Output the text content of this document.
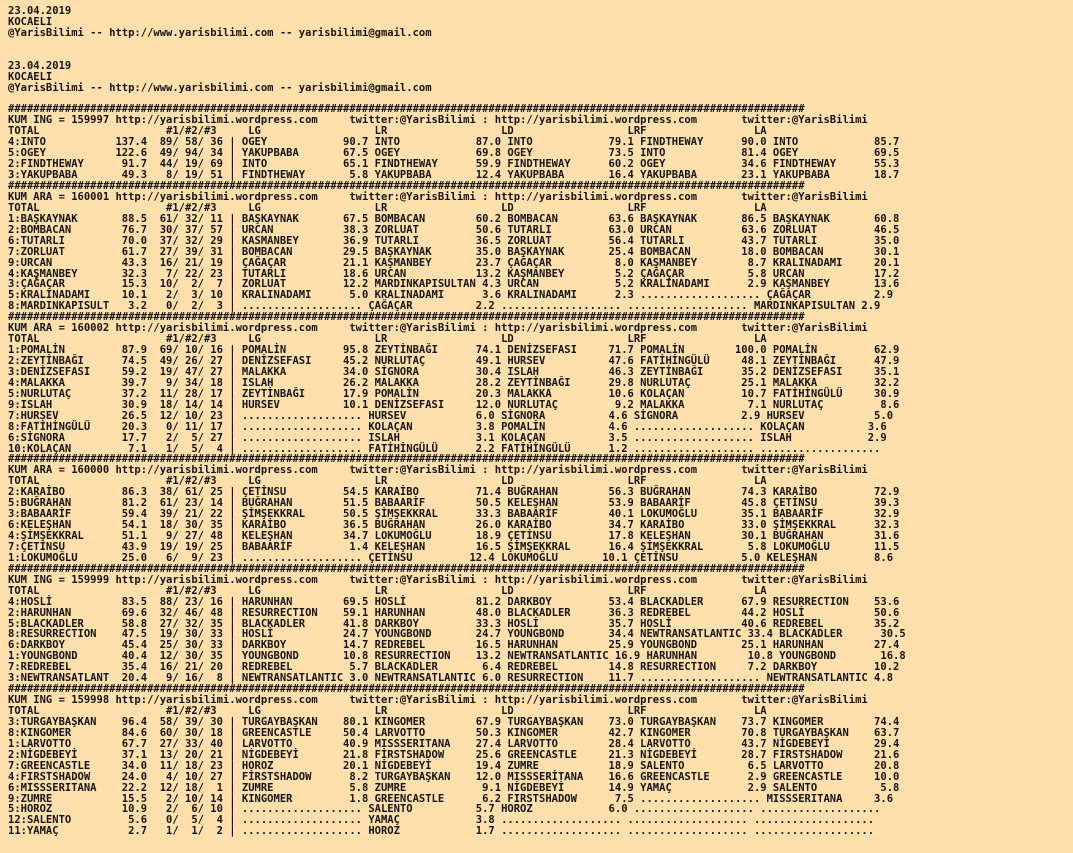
23.04.2019
KOCAELI
@YarisBilimi -- http://www.yarisbilimi.com -- yarisbilimi@gmail.com
23.04.2019
KOCAELI
@YarisBilimi -- http://www.yarisbilimi.com -- yarisbilimi@gmail.com
##############################################################################################################################
KUM ING = 159997 http://yarisbilimi.wordpress.com     twitter:@YarisBilimi : http://yarisbilimi.wordpress.com       twitter:@YarisBilimi
TOTAL                    #1/#2/#3     LG                  LR                  LD                  LRF                 LA
4:INTO           137.4  89/ 58/ 36 | OGEY            90.7 INTO            87.0 INTO            79.1 FINDTHEWAY      90.0 INTO            85.7
5:OGEY           122.6  49/ 94/ 34 | YAKUPBABA       67.5 OGEY            69.8 OGEY            73.5 INTO            81.4 OGEY            69.5
2:FINDTHEWAY      91.7  44/ 19/ 69 | INTO            65.1 FINDTHEWAY      59.9 FINDTHEWAY      60.2 OGEY            34.6 FINDTHEWAY      55.3
3:YAKUPBABA       49.3   8/ 19/ 51 | FINDTHEWAY       5.8 YAKUPBABA       12.4 YAKUPBABA       16.4 YAKUPBABA       23.1 YAKUPBABA       18.7
##############################################################################################################################
KUM ARA = 160001 http://yarisbilimi.wordpress.com     twitter:@YarisBilimi : http://yarisbilimi.wordpress.com       twitter:@YarisBilimi
TOTAL                    #1/#2/#3     LG                  LR                  LD                  LRF                 LA
1:BAŞKAYNAK       88.5  61/ 32/ 11 | BAŞKAYNAK       67.5 BOMBACAN        60.2 BOMBACAN        63.6 BAŞKAYNAK       86.5 BAŞKAYNAK       60.8
2:BOMBACAN        76.7  30/ 37/ 57 | URCAN           38.3 ZORLUAT         50.6 TUTARLI         63.0 URCAN           63.6 ZORLUAT         46.5
6:TUTARLI         70.0  37/ 32/ 29 | KASMANBEY       36.9 TUTARLI         36.5 ZORLUAT         56.4 TUTARLI         43.7 TUTARLI         35.0
7:ZORLUAT         61.7  27/ 39/ 31 | BOMBACAN        29.5 BAŞKAYNAK       35.0 BAŞKAYNAK       25.4 BOMBACAN        18.0 BOMBACAN        30.1
9:URCAN           43.3  16/ 21/ 19 | ÇAĞAÇAR         21.1 KAŞMANBEY       23.7 ÇAĞAÇAR          8.0 KAŞMANBEY        8.7 KRALINADAMI     20.1
4:KAŞMANBEY       32.3   7/ 22/ 23 | TUTARLI         18.6 URCAN           13.2 KAŞMANBEY        5.2 ÇAĞAÇAR          5.8 URCAN           17.2
3:ÇAĞAÇAR         15.3  10/  2/  7 | ZORLUAT         12.2 MARDINKAPISULTAN 4.3 URCAN            5.2 KRALINADAMI      2.9 KAŞMANBEY       13.6
5:KRALINADAMI     10.1   2/  3/ 10 | KRALINADAMI      5.0 KRALINADAMI      3.6 KRALINADAMI      2.3 ................... ÇAĞAÇAR          2.9
8:MARDINKAPISULT   3.2   0/  2/  3 | ................... ÇAĞAÇAR          2.2 ................... ................... MARDINKAPISULTAN 2.9
##############################################################################################################################
KUM ARA = 160002 http://yarisbilimi.wordpress.com     twitter:@YarisBilimi : http://yarisbilimi.wordpress.com       twitter:@YarisBilimi
TOTAL                    #1/#2/#3     LG                  LR                  LD                  LRF                 LA
1:POMALİN         87.9  69/ 10/ 16 | POMALİN         95.8 ZEYTİNBAĞI      74.1 DENİZSEFASI     71.7 POMALİN        100.0 POMALİN         62.9
2:ZEYTİNBAĞI      74.5  49/ 26/ 27 | DENİZSEFASI     45.2 NURLUTAÇ        49.1 HURSEV          47.6 FATİHİNGÜLÜ     48.1 ZEYTİNBAĞI      47.9
3:DENİZSEFASI     59.2  19/ 47/ 27 | MALAKKA         34.0 SİGNORA         30.4 ISLAH           46.3 ZEYTİNBAĞI      35.2 DENİZSEFASI     35.1
4:MALAKKA         39.7   9/ 34/ 18 | ISLAH           26.2 MALAKKA         28.2 ZEYTİNBAĞI      29.8 NURLUTAÇ        25.1 MALAKKA         32.2
5:NURLUTAÇ        37.2  11/ 28/ 17 | ZEYTİNBAĞI      17.9 POMALİN         20.3 MALAKKA         10.6 KOLAÇAN         10.7 FATİHİNGÜLÜ     30.9
9:ISLAH           30.9  18/ 14/ 14 | HURSEV          10.1 DENİZSEFASI     12.0 NURLUTAÇ         9.2 MALAKKA          7.1 NURLUTAÇ         8.6
7:HURSEV          26.5  12/ 10/ 23 | ................... HURSEV           6.0 SİGNORA          4.6 SİGNORA          2.9 HURSEV           5.0
8:FATİHİNGÜLÜ     20.3   0/ 11/ 17 | ................... KOLAÇAN          3.8 POMALİN          4.6 ................... KOLAÇAN          3.6
6:SİGNORA         17.7   2/  5/ 27 | ................... ISLAH            3.1 KOLAÇAN          3.5 ................... ISLAH            2.9
10:KOLAÇAN         7.1   1/  5/  4 | ................... FATİHİNGÜLÜ      2.2 FATİHİNGÜLÜ      1.2 ................... ...................
##############################################################################################################################
KUM ARA = 160000 http://yarisbilimi.wordpress.com     twitter:@YarisBilimi : http://yarisbilimi.wordpress.com       twitter:@YarisBilimi
TOTAL                    #1/#2/#3     LG                  LR                  LD                  LRF                 LA
2:KARAİBO         86.3  38/ 61/ 25 | ÇETİNSU         54.5 KARAİBO         71.4 BUĞRAHAN        56.3 BUĞRAHAN        74.3 KARAİBO         72.9
5:BUĞRAHAN        81.2  61/ 23/ 14 | BUĞRAHAN        51.5 BABAARİF        50.5 KELEŞHAN        53.9 BABAARİF        45.8 ÇETİNSU         39.3
3:BABAARİF        59.4  39/ 21/ 22 | ŞİMŞEKKRAL      50.5 ŞİMŞEKKRAL      33.3 BABAARİF        40.1 LOKUMOĞLU       35.1 BABAARİF        32.9
6:KELEŞHAN        54.1  18/ 30/ 35 | KARAİBO         36.5 BUĞRAHAN        26.0 KARAİBO         34.7 KARAİBO         33.0 ŞİMŞEKKRAL      32.3
4:ŞİMŞEKKRAL      51.1   9/ 27/ 48 | KELEŞHAN        34.7 LOKUMOĞLU       18.9 ÇETİNSU         17.8 KELEŞHAN        30.1 BUĞRAHAN        31.6
7:ÇETİNSU         43.9  19/ 19/ 25 | BABAARİF         1.4 KELEŞHAN        16.5 ŞİMŞEKKRAL      16.4 ŞİMŞEKKRAL       5.8 LOKUMOĞLU       11.5
1:LOKUMOĞLU       25.0   6/  9/ 23 | ................... ÇETİNSU         12.4 LOKUMOĞLU       10.1 ÇETİNSU          5.0 KELEŞHAN         8.6
##############################################################################################################################
KUM ING = 159999 http://yarisbilimi.wordpress.com     twitter:@YarisBilimi : http://yarisbilimi.wordpress.com       twitter:@YarisBilimi
TOTAL                    #1/#2/#3     LG                  LR                  LD                  LRF                 LA
4:HOSLİ           83.5  88/ 23/ 16 | HARUNHAN        69.5 HOSLİ           81.2 DARKBOY         53.4 BLACKADLER      67.9 RESURRECTION    53.6
2:HARUNHAN        69.6  32/ 46/ 48 | RESURRECTION    59.1 HARUNHAN        48.0 BLACKADLER      36.3 REDREBEL        44.2 HOSLİ           50.6
5:BLACKADLER      58.8  27/ 32/ 35 | BLACKADLER      41.8 DARKBOY         33.3 HOSLİ           35.7 HOSLİ           40.6 REDREBEL        35.2
8:RESURRECTION    47.5  19/ 30/ 33 | HOSLİ           24.7 YOUNGBOND       24.7 YOUNGBOND       34.4 NEWTRANSATLANTIC 33.4 BLACKADLER      30.5
6:DARKBOY         45.4  25/ 30/ 33 | DARKBOY         14.7 REDREBEL        16.5 HARUNHAN        25.9 YOUNGBOND       25.1 HARUNHAN        27.4
1:YOUNGBOND       40.4  12/ 30/ 35 | YOUNGBOND       10.8 RESURRECTION    13.2 NEWTRANSATLANTIC 16.9 HARUNHAN        10.8 YOUNGBOND       16.8
7:REDREBEL        35.4  16/ 21/ 20 | REDREBEL         5.7 BLACKADLER       6.4 REDREBEL        14.8 RESURRECTION     7.2 DARKBOY         10.2
3:NEWTRANSATLANT  20.4   9/ 16/  8 | NEWTRANSATLANTIC 3.0 NEWTRANSATLANTIC 6.0 RESURRECTION    11.7 ................... NEWTRANSATLANTIC 4.8
##############################################################################################################################
KUM ING = 159998 http://yarisbilimi.wordpress.com     twitter:@YarisBilimi : http://yarisbilimi.wordpress.com       twitter:@YarisBilimi
TOTAL                    #1/#2/#3     LG                  LR                  LD                  LRF                 LA
3:TURGAYBAŞKAN    96.4  58/ 39/ 30 | TURGAYBAŞKAN    80.1 KINGOMER        67.9 TURGAYBAŞKAN    73.0 TURGAYBAŞKAN    73.7 KINGOMER        74.4
8:KINGOMER        84.6  60/ 30/ 18 | GREENCASTLE     50.4 LARVOTTO        50.3 KINGOMER        42.7 KINGOMER        70.8 TURGAYBAŞKAN    63.7
1:LARVOTTO        67.7  27/ 33/ 40 | LARVOTTO        40.9 MISSSERITANA    27.4 LARVOTTO        28.4 LARVOTTO        43.7 NİGDEBEYİ       29.4
2:NİGDEBEYİ       37.1  13/ 20/ 21 | NİGDEBEYİ       21.8 FİRSTSHADOW     25.6 GREENCASTLE     21.3 NİGDEBEYİ       28.7 FIRSTSHADOW     21.6
7:GREENCASTLE     34.0  11/ 18/ 23 | HOROZ           20.1 NİGDEBEYİ       19.4 ZUMRE           18.9 SALENTO          6.5 LARVOTTO        20.8
4:FIRSTSHADOW     24.0   4/ 10/ 27 | FİRSTSHADOW      8.2 TURGAYBAŞKAN    12.0 MISSSERİTANA    16.6 GREENCASTLE      2.9 GREENCASTLE     10.0
6:MISSSERITANA    22.2  12/ 18/  1 | ZUMRE            5.8 ZUMRE            9.1 NİGDEBEYİ       14.9 YAMAÇ            2.9 SALENTO          5.8
9:ZUMRE           15.5   2/ 10/ 14 | KINGOMER         1.8 GREENCASTLE      6.2 FIRSTSHADOW      7.5 ................... MISSSERITANA     3.6
5:HOROZ           10.9   2/  6/ 10 | ................... SALENTO          5.7 HOROZ            6.0 ................... ...................
12:SALENTO         5.6   0/  5/  4 | ................... YAMAÇ            3.8 ................... ................... ...................
11:YAMAÇ           2.7   1/  1/  2 | ................... HOROZ            1.7 ................... ................... ...................
